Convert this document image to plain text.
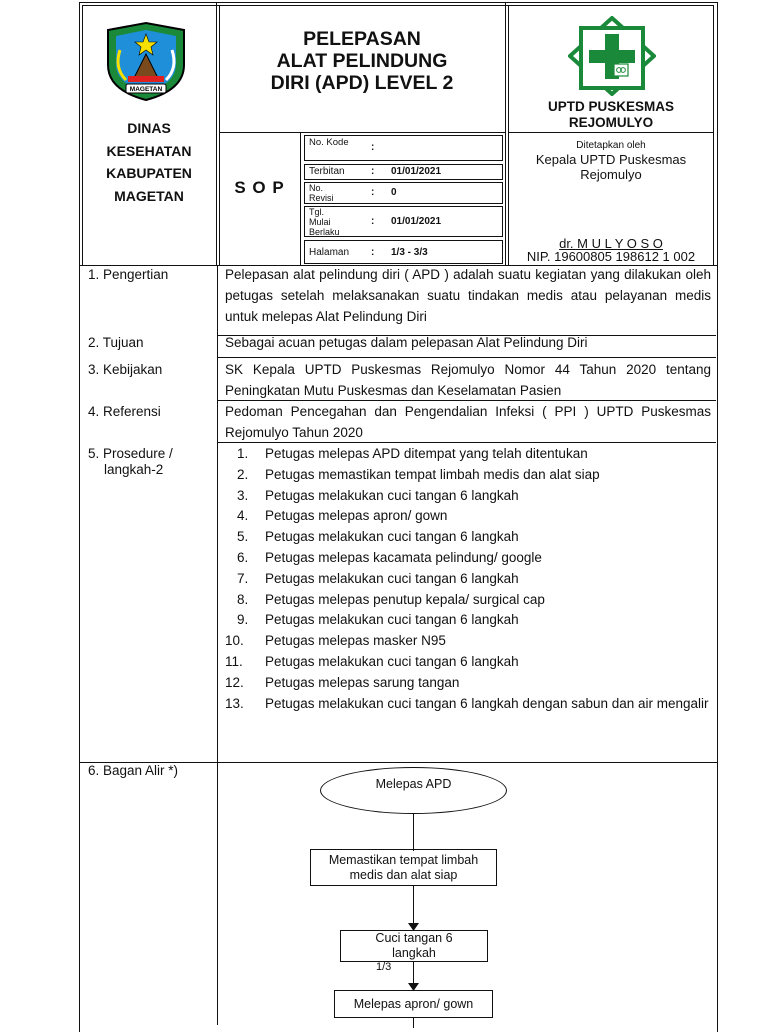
MAGETAN
DINAS
KESEHATAN
KABUPATEN
MAGETAN
PELEPASAN
ALAT PELINDUNG
DIRI (APD) LEVEL 2
S O P
No. Kode :
Terbitan	: 01/01/2021
No. Revisi	: 0
Tgl. Mulai Berlaku
: 01/01/2021
Halaman : 1/3 - 3/3
UPTD PUSKESMAS
REJOMULYO
Ditetapkan oleh
Kepala UPTD Puskesmas
Rejomulyo
dr. M U L Y O S O
NIP. 19600805 198612 1 002
1. Pengertian	Pelepasan alat pelindung diri ( APD ) adalah suatu kegiatan yang dilakukan oleh petugas setelah melaksanakan suatu tindakan medis atau pelayanan medis untuk melepas Alat Pelindung Diri
2. Tujuan	Sebagai acuan petugas dalam pelepasan Alat Pelindung Diri
3. Kebijakan	SK Kepala UPTD Puskesmas Rejomulyo Nomor 44 Tahun 2020 tentang Peningkatan Mutu Puskesmas dan Keselamatan Pasien
4. Referensi	Pedoman Pencegahan dan Pengendalian Infeksi ( PPI ) UPTD Puskesmas Rejomulyo Tahun 2020
5. Prosedure /
langkah-2
1.	Petugas melepas APD ditempat yang telah ditentukan
2.	Petugas memastikan tempat limbah medis dan alat siap
3.	Petugas melakukan cuci tangan 6 langkah
4.	Petugas melepas apron/ gown
5.	Petugas melakukan cuci tangan 6 langkah
6.	Petugas melepas kacamata pelindung/ google
7.	Petugas melakukan cuci tangan 6 langkah
8.	Petugas melepas penutup kepala/ surgical cap
9.	Petugas melakukan cuci tangan 6 langkah
10.	Petugas melepas masker N95
11.	Petugas melakukan cuci tangan 6 langkah
12.	Petugas melepas sarung tangan
13.	Petugas melakukan cuci tangan 6 langkah dengan sabun dan air mengalir
6. Bagan Alir *)
Melepas APD
Memastikan tempat limbah medis dan alat siap
Cuci tangan 6 langkah
1/3
Melepas apron/ gown
